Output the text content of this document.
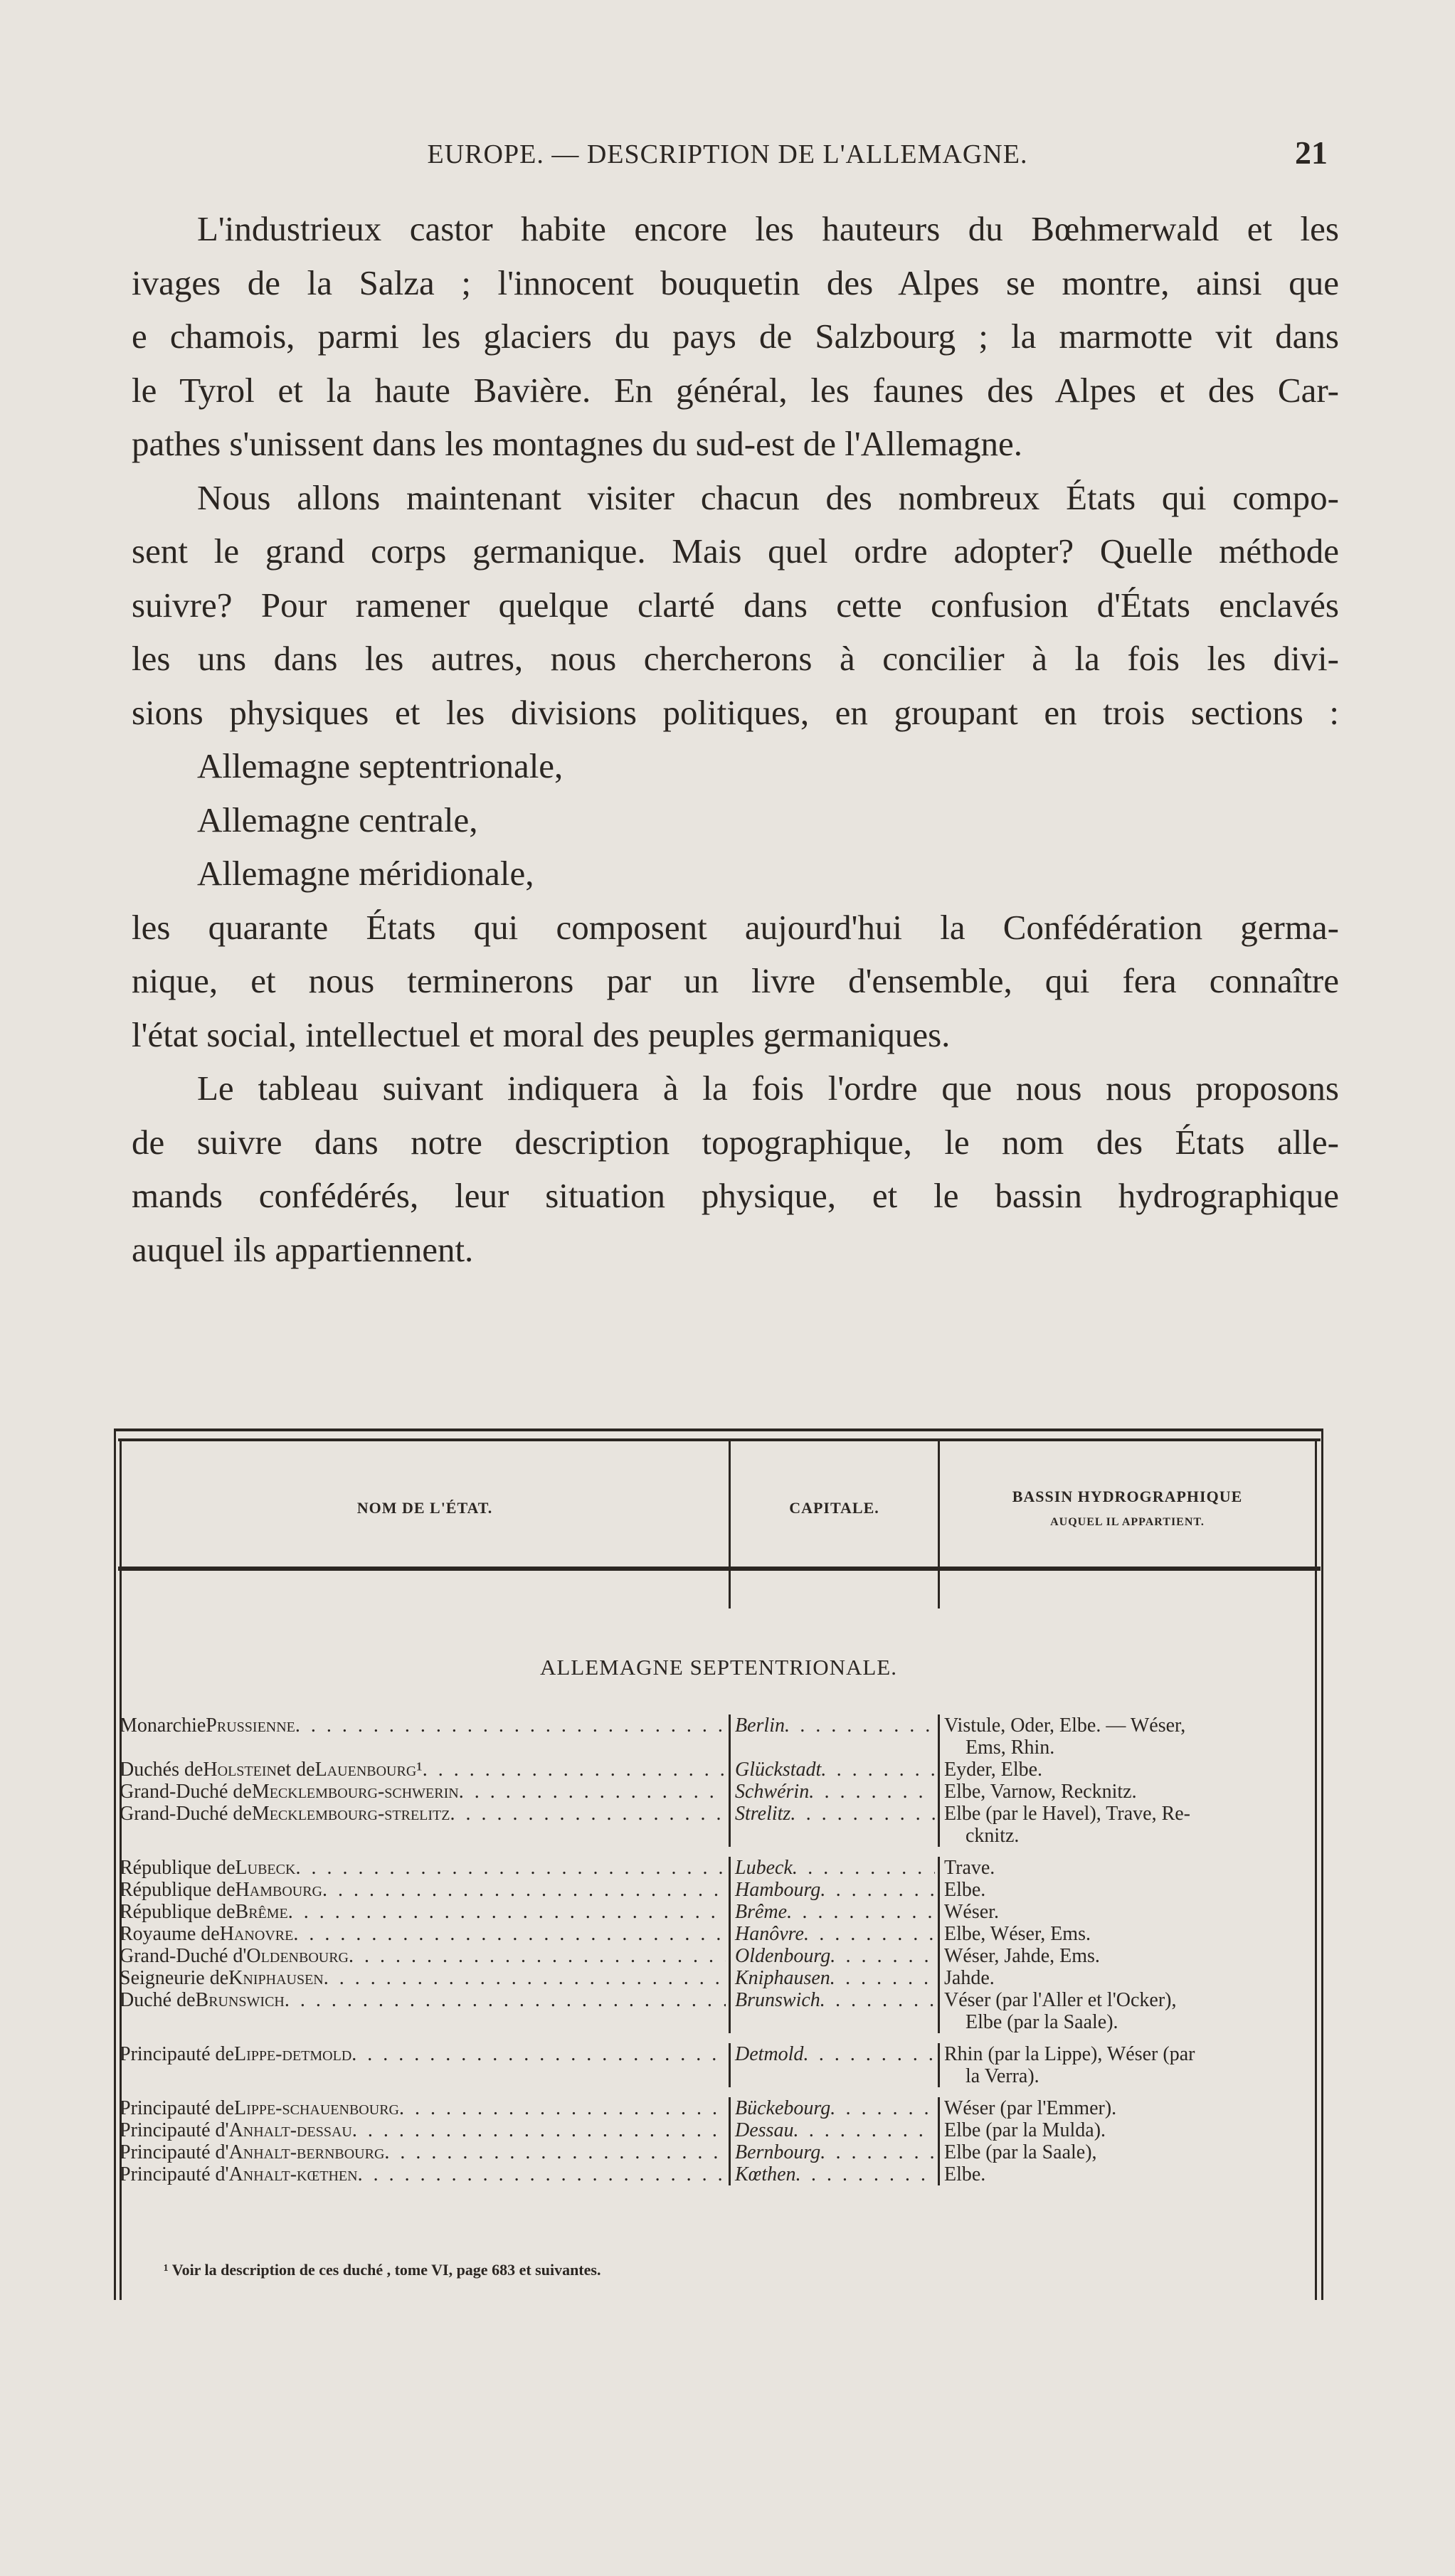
EUROPE. — DESCRIPTION DE L'ALLEMAGNE.	21
L'industrieux castor habite encore les hauteurs du Bœhmerwald et les
ivages de la Salza ; l'innocent bouquetin des Alpes se montre, ainsi que
e chamois, parmi les glaciers du pays de Salzbourg ; la marmotte vit dans
le Tyrol et la haute Bavière. En général, les faunes des Alpes et des Car-
pathes s'unissent dans les montagnes du sud-est de l'Allemagne.
Nous allons maintenant visiter chacun des nombreux États qui compo-
sent le grand corps germanique. Mais quel ordre adopter? Quelle méthode
suivre? Pour ramener quelque clarté dans cette confusion d'États enclavés
les uns dans les autres, nous chercherons à concilier à la fois les divi-
sions physiques et les divisions politiques, en groupant en trois sections :
Allemagne septentrionale,
Allemagne centrale,
Allemagne méridionale,
les quarante États qui composent aujourd'hui la Confédération germa-
nique, et nous terminerons par un livre d'ensemble, qui fera connaître
l'état social, intellectuel et moral des peuples germaniques.
Le tableau suivant indiquera à la fois l'ordre que nous nous proposons
de suivre dans notre description topographique, le nom des États alle-
mands confédérés, leur situation physique, et le bassin hydrographique
auquel ils appartiennent.
NOM DE L'ÉTAT.	CAPITALE.
BASSIN HYDROGRAPHIQUE
AUQUEL IL APPARTIENT.
ALLEMAGNE SEPTENTRIONALE.
Monarchie prussienne . . .	Berlin . . .	Vistule, Oder, Elbe. — Wéser,
Ems, Rhin.
Duchés de holstein et de lauenbourg ¹ . . .	Glückstadt . . .	Eyder, Elbe.
Grand-Duché de mecklembourg-schwerin . . .	Schwérin . . .	Elbe, Varnow, Recknitz.
Grand-Duché de mecklembourg-strelitz . . .	Strelitz . . .	Elbe (par le Havel), Trave, Re-
cknitz.
République de lubeck . . .	Lubeck . . .	Trave.
République de hambourg . . .	Hambourg . . .	Elbe.
République de brême . . .	Brême . . .	Wéser.
Royaume de hanovre . . .	Hanôvre . . .	Elbe, Wéser, Ems.
Grand-Duché d' oldenbourg . . .	Oldenbourg . . .	Wéser, Jahde, Ems.
Seigneurie de kniphausen . . .	Kniphausen . . .	Jahde.
Duché de brunswich . . .	Brunswich . . .	Véser (par l'Aller et l'Ocker),
Elbe (par la Saale).
Principauté de lippe-detmold . . .	Detmold . . .	Rhin (par la Lippe), Wéser (par
la Verra).
Principauté de lippe-schauenbourg . . .	Bückebourg . . .	Wéser (par l'Emmer).
Principauté d' anhalt-dessau . . .	Dessau . . .	Elbe (par la Mulda).
Principauté d' anhalt-bernbourg . . .	Bernbourg . . .	Elbe (par la Saale),
Principauté d' anhalt-kœthen . . .	Kœthen . . .	Elbe.
¹ Voir la description de ces duché , tome VI, page 683 et suivantes.
